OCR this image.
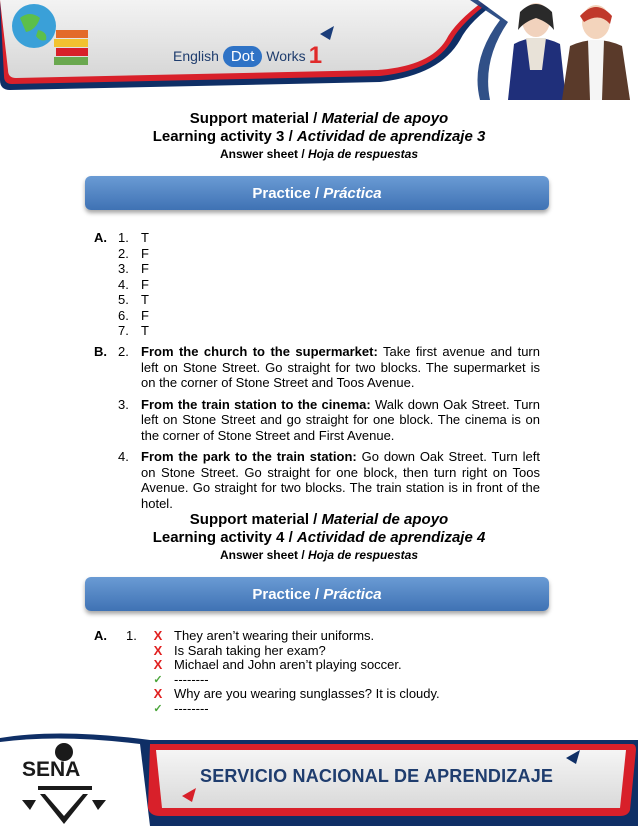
English Dot Works 1
Support material / Material de apoyo
Learning activity 3 / Actividad de aprendizaje 3
Answer sheet / Hoja de respuestas
Practice /
Práctica
A. 1. T
2. F
3. F
4. F
5. T
6. F
7. T
B. 2. From the church to the supermarket: Take first avenue and turn left on Stone Street. Go straight for two blocks. The supermarket is on the corner of Stone Street and Toos Avenue.
3. From the train station to the cinema: Walk down Oak Street. Turn left on Stone Street and go straight for one block. The cinema is on the corner of Stone Street and First Avenue.
4. From the park to the train station: Go down Oak Street. Turn left on Stone Street. Go straight for one block, then turn right on Toos Avenue. Go straight for two blocks. The train station is in front of the hotel.
Support material / Material de apoyo
Learning activity 4 / Actividad de aprendizaje 4
Answer sheet / Hoja de respuestas
Practice /
Práctica
A.	1.	X They aren’t wearing their uniforms.
X Is Sarah taking her exam?
X Michael and John aren’t playing soccer.
✓ --------
X Why are you wearing sunglasses? It is cloudy.
✓ --------
SENA	SERVICIO NACIONAL DE APRENDIZAJE
